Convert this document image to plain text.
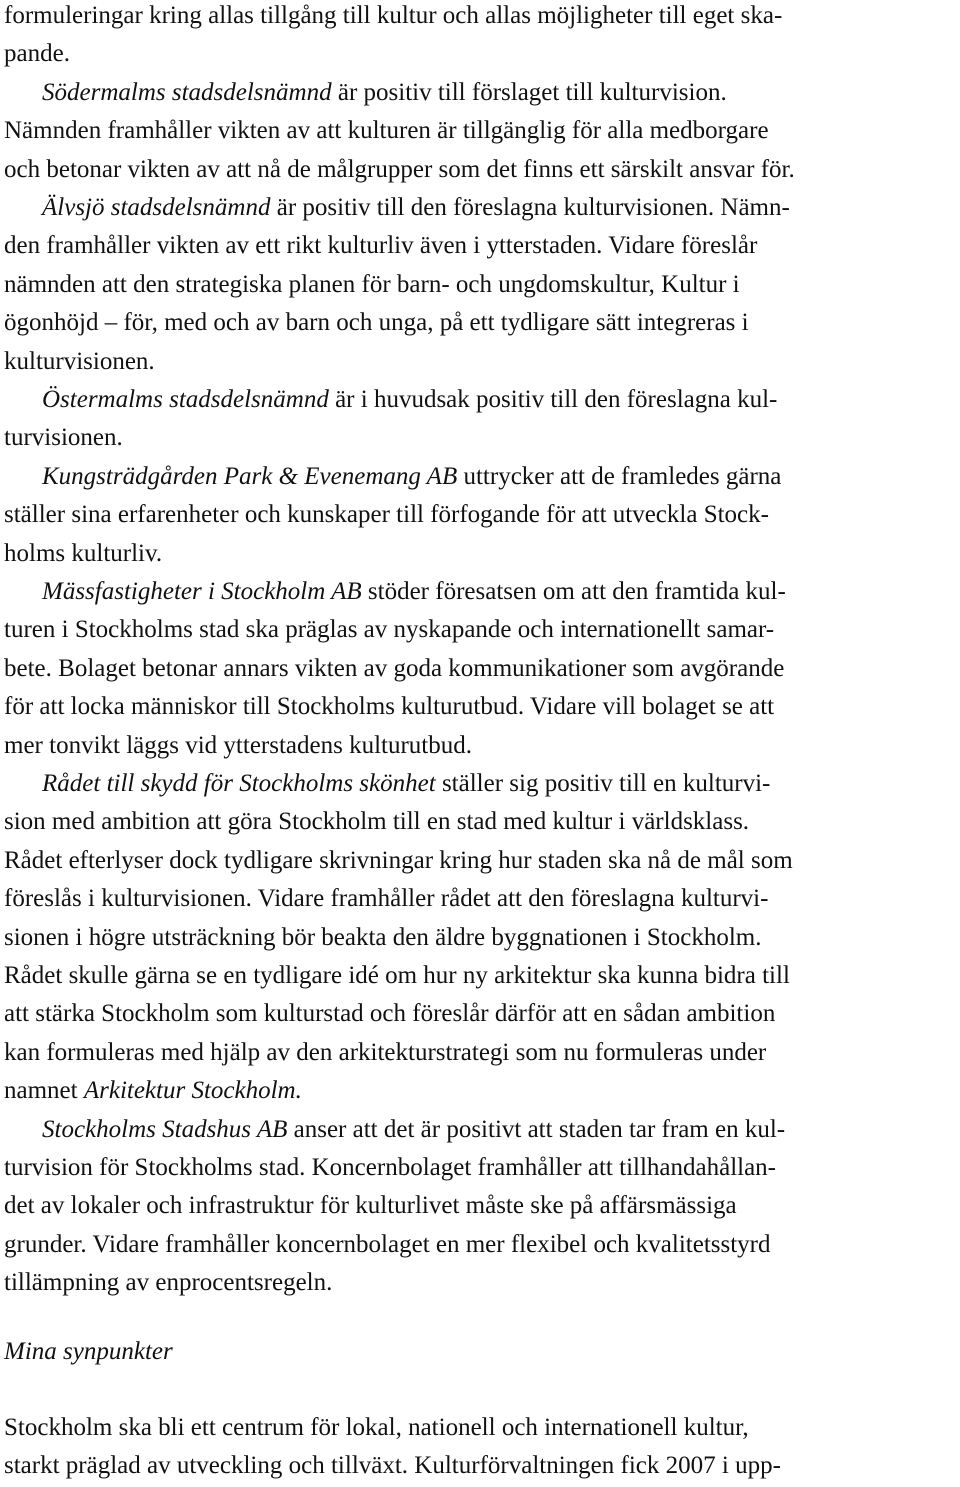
formuleringar kring allas tillgång till kultur och allas möjligheter till eget ska-
pande.
Södermalms stadsdelsnämnd är positiv till förslaget till kulturvision.
Nämnden framhåller vikten av att kulturen är tillgänglig för alla medborgare
och betonar vikten av att nå de målgrupper som det finns ett särskilt ansvar för.
Älvsjö stadsdelsnämnd är positiv till den föreslagna kulturvisionen. Nämn-
den framhåller vikten av ett rikt kulturliv även i ytterstaden. Vidare föreslår
nämnden att den strategiska planen för barn- och ungdomskultur, Kultur i
ögonhöjd – för, med och av barn och unga, på ett tydligare sätt integreras i
kulturvisionen.
Östermalms stadsdelsnämnd är i huvudsak positiv till den föreslagna kul-
turvisionen.
Kungsträdgården Park & Evenemang AB uttrycker att de framledes gärna
ställer sina erfarenheter och kunskaper till förfogande för att utveckla Stock-
holms kulturliv.
Mässfastigheter i Stockholm AB stöder föresatsen om att den framtida kul-
turen i Stockholms stad ska präglas av nyskapande och internationellt samar-
bete. Bolaget betonar annars vikten av goda kommunikationer som avgörande
för att locka människor till Stockholms kulturutbud. Vidare vill bolaget se att
mer tonvikt läggs vid ytterstadens kulturutbud.
Rådet till skydd för Stockholms skönhet ställer sig positiv till en kulturvi-
sion med ambition att göra Stockholm till en stad med kultur i världsklass.
Rådet efterlyser dock tydligare skrivningar kring hur staden ska nå de mål som
föreslås i kulturvisionen. Vidare framhåller rådet att den föreslagna kulturvi-
sionen i högre utsträckning bör beakta den äldre byggnationen i Stockholm.
Rådet skulle gärna se en tydligare idé om hur ny arkitektur ska kunna bidra till
att stärka Stockholm som kulturstad och föreslår därför att en sådan ambition
kan formuleras med hjälp av den arkitekturstrategi som nu formuleras under
namnet Arkitektur Stockholm.
Stockholms Stadshus AB anser att det är positivt att staden tar fram en kul-
turvision för Stockholms stad. Koncernbolaget framhåller att tillhandahållan-
det av lokaler och infrastruktur för kulturlivet måste ske på affärsmässiga
grunder. Vidare framhåller koncernbolaget en mer flexibel och kvalitetsstyrd
tillämpning av enprocentsregeln.
Mina synpunkter
Stockholm ska bli ett centrum för lokal, nationell och internationell kultur,
starkt präglad av utveckling och tillväxt. Kulturförvaltningen fick 2007 i upp-
